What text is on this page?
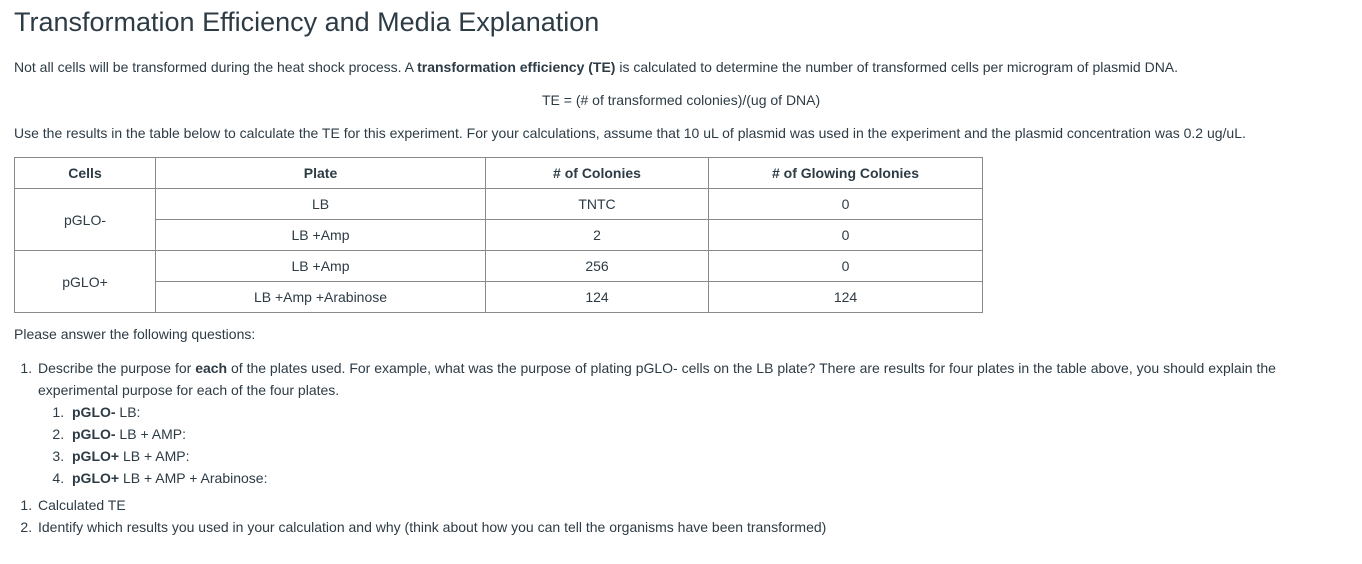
Transformation Efficiency and Media Explanation
Not all cells will be transformed during the heat shock process. A transformation efficiency (TE) is calculated to determine the number of transformed cells per microgram of plasmid DNA.
TE = (# of transformed colonies)/(ug of DNA)
Use the results in the table below to calculate the TE for this experiment. For your calculations, assume that 10 uL of plasmid was used in the experiment and the plasmid concentration was 0.2 ug/uL.
Cells	Plate	# of Colonies	# of Glowing Colonies
pGLO-	LB	TNTC	0
	LB +Amp	2	0
pGLO+	LB +Amp	256	0
	LB +Amp +Arabinose	124	124
Please answer the following questions:
1. Describe the purpose for each of the plates used. For example, what was the purpose of plating pGLO- cells on the LB plate? There are results for four plates in the table above, you should explain the experimental purpose for each of the four plates.
1. pGLO- LB:
2. pGLO- LB + AMP:
3. pGLO+ LB + AMP:
4. pGLO+ LB + AMP + Arabinose:
1. Calculated TE
2. Identify which results you used in your calculation and why (think about how you can tell the organisms have been transformed)
